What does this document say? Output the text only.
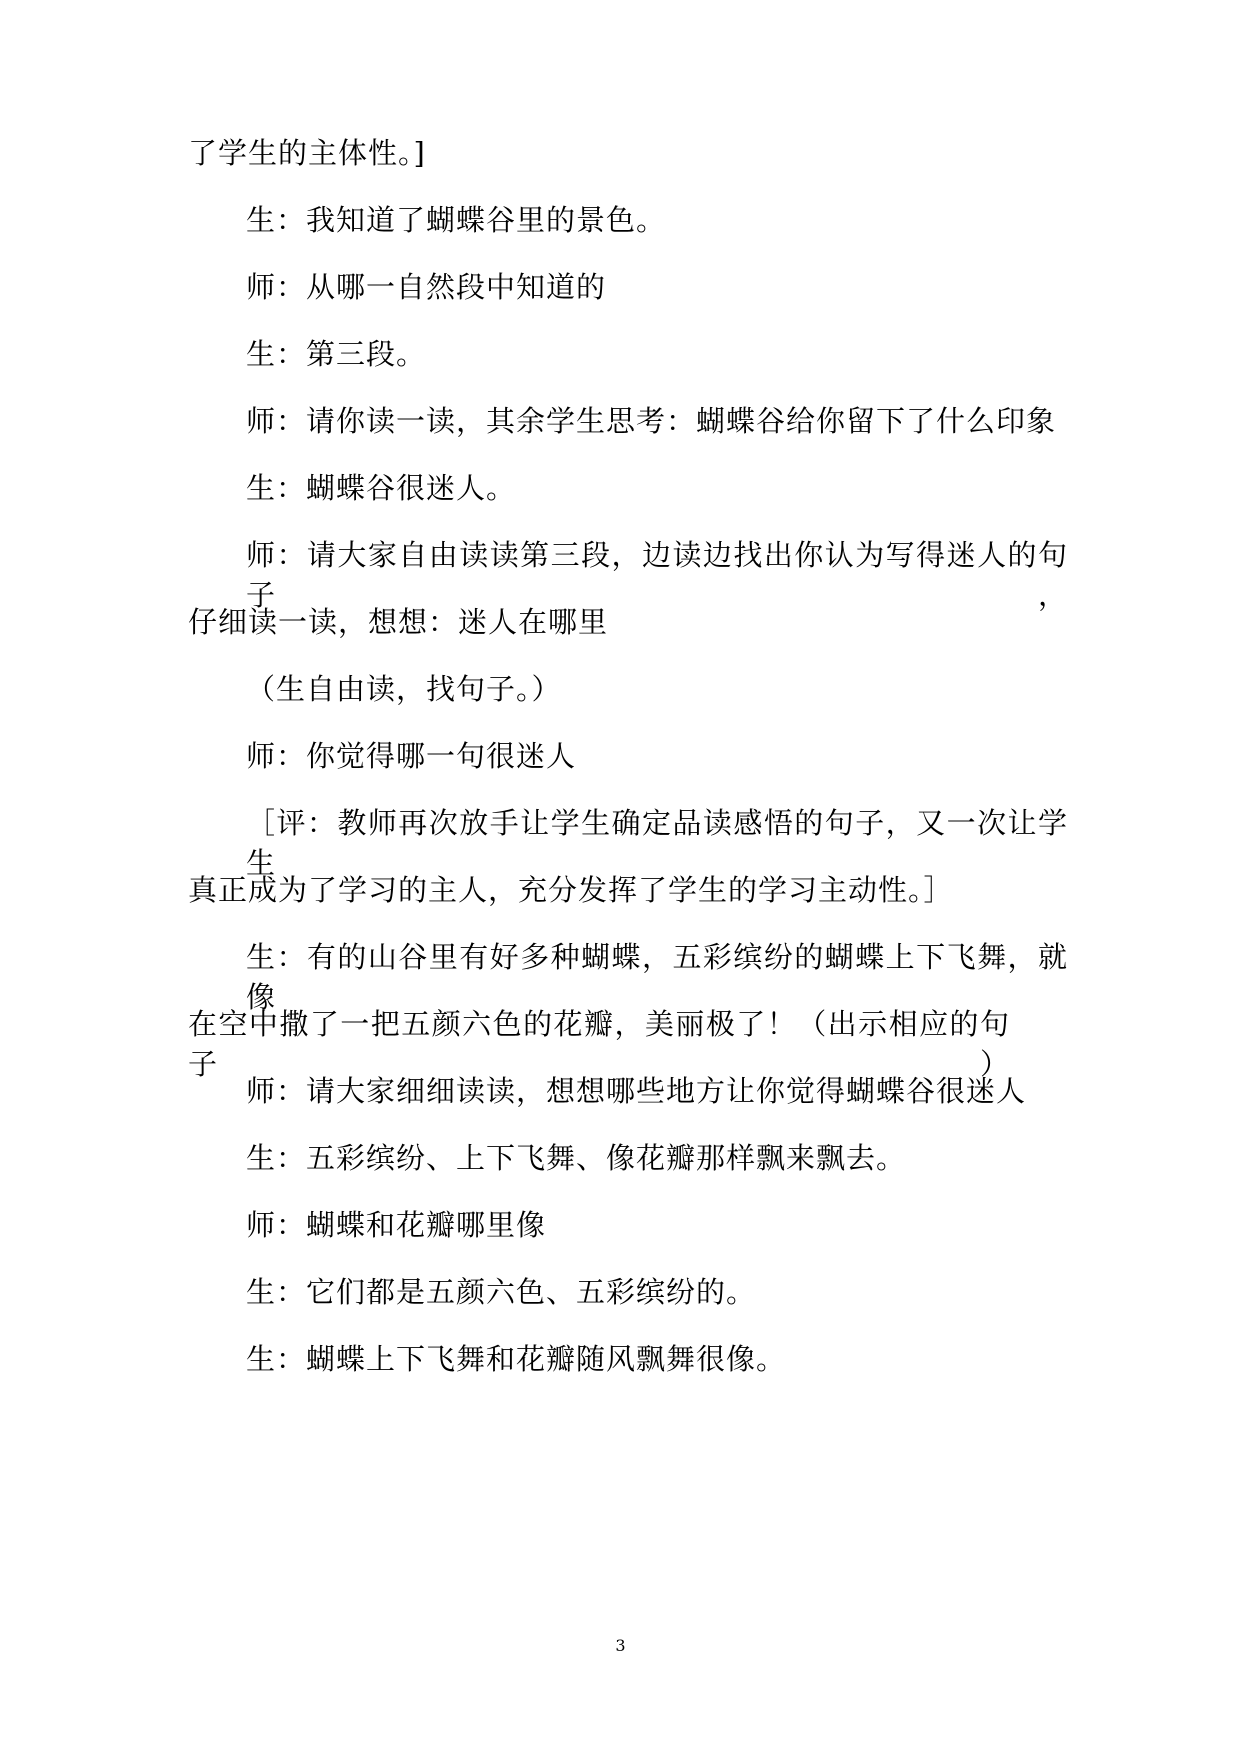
了学生的主体性。]
生：我知道了蝴蝶谷里的景色。
师：从哪一自然段中知道的
生：第三段。
师：请你读一读，其余学生思考：蝴蝶谷给你留下了什么印象
生：蝴蝶谷很迷人。
师：请大家自由读读第三段，边读边找出你认为写得迷人的句子，
仔细读一读，想想：迷人在哪里
（生自由读，找句子。）
师：你觉得哪一句很迷人
［评：教师再次放手让学生确定品读感悟的句子，又一次让学生
真正成为了学习的主人，充分发挥了学生的学习主动性。］
生：有的山谷里有好多种蝴蝶，五彩缤纷的蝴蝶上下飞舞，就像
在空中撒了一把五颜六色的花瓣，美丽极了！（出示相应的句子）
师：请大家细细读读，想想哪些地方让你觉得蝴蝶谷很迷人
生：五彩缤纷、上下飞舞、像花瓣那样飘来飘去。
师：蝴蝶和花瓣哪里像
生：它们都是五颜六色、五彩缤纷的。
生：蝴蝶上下飞舞和花瓣随风飘舞很像。
3
